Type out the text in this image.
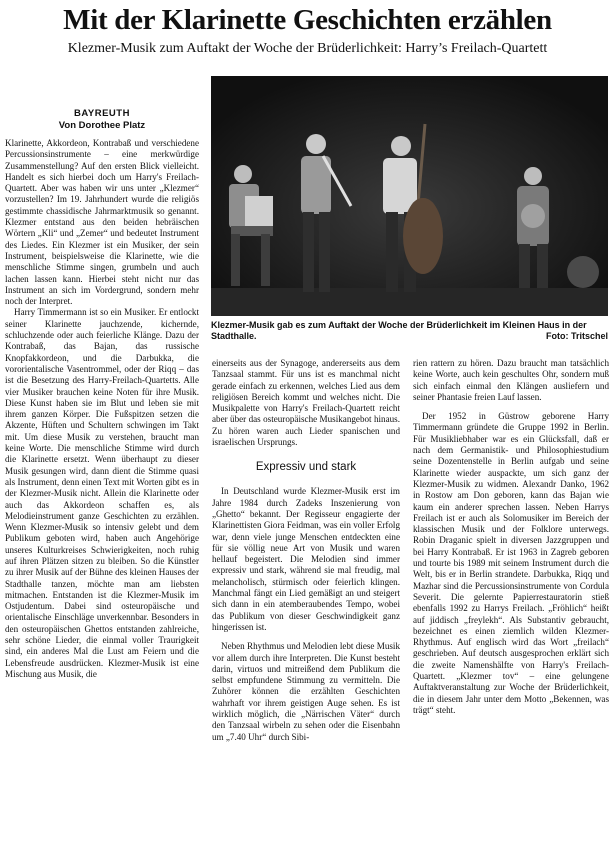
Mit der Klarinette Geschichten erzählen
Klezmer-Musik zum Auftakt der Woche der Brüderlichkeit: Harry’s Freilach-Quartett
Klezmer-Musik gab es zum Auftakt der Woche der Brüderlichkeit im Kleinen Haus in der Stadthalle.	Foto: Tritschel
BAYREUTH
Von Dorothee Platz

Klarinette, Akkordeon, Kontrabaß und verschiedene Percussionsinstrumente – eine merkwürdige Zusammenstellung? Auf den ersten Blick vielleicht. Handelt es sich hierbei doch um Harry's Freilach-Quartett. Aber was haben wir uns unter „Klezmer“ vorzustellen? Im 19. Jahrhundert wurde die religiös gestimmte chassidische Jahrmarktmusik so genannt. Klezmer entstand aus den beiden hebräischen Wörtern „Kli“ und „Zemer“ und bedeutet Instrument des Liedes. Ein Klezmer ist ein Musiker, der sein Instrument, beispielsweise die Klarinette, wie die menschliche Stimme singen, grumbeln und auch lachen lassen kann. Hierbei steht nicht nur das Instrument an sich im Vordergrund, sondern mehr noch der Interpret.

Harry Timmermann ist so ein Musiker. Er entlockt seiner Klarinette jauchzende, kichernde, schluchzende oder auch feierliche Klänge. Dazu der Kontrabaß, das Bajan, das russische Knopfakkordeon, und die Darbukka, die vororientalische Vasentrommel, oder der Riqq – das ist die Besetzung des Harry-Freilach-Quartetts. Alle vier Musiker brauchen keine Noten für ihre Musik. Diese Kunst haben sie im Blut und leben sie mit ihrem ganzen Körper. Die Fußspitzen setzen die Akzente, Hüften und Schultern schwingen im Takt mit. Um diese Musik zu verstehen, braucht man keine Worte. Die menschliche Stimme wird durch die Klarinette ersetzt. Wenn überhaupt zu dieser Musik gesungen wird, dann dient die Stimme quasi als Instrument, denn einen Text mit Worten gibt es in der Klezmer-Musik nicht. Allein die Klarinette oder auch das Akkordeon schaffen es, als Melodieinstrument ganze Geschichten zu erzählen. Wenn Klezmer-Musik so intensiv gelebt und dem Publikum geboten wird, haben auch Angehörige unseres Kulturkreises Schwierigkeiten, noch ruhig auf ihren Plätzen sitzen zu bleiben. So die Künstler zu ihrer Musik auf der Bühne des kleinen Hauses der Stadthalle tanzen, möchte man am liebsten mitmachen. Entstanden ist die Klezmer-Musik im Ostjudentum. Dabei sind osteuropäische und orientalische Einschläge unverkennbar. Besonders in den osteuropäischen Ghettos entstanden zahlreiche, sehr schöne Lieder, die einmal voller Traurigkeit sind, ein anderes Mal die Lust am Feiern und die Lebensfreude ausdrücken. Klezmer-Musik ist eine Mischung aus Musik, die

einerseits aus der Synagoge, andererseits aus dem Tanzsaal stammt. Für uns ist es manchmal nicht gerade einfach zu erkennen, welches Lied aus dem religiösen Bereich kommt und welches nicht. Die Musikpalette von Harry's Freilach-Quartett reicht aber über das osteuropäische Musikangebot hinaus. Zu hören waren auch Lieder spanischen und israelischen Ursprungs.

Expressiv und stark

In Deutschland wurde Klezmer-Musik erst im Jahre 1984 durch Zadeks Inszenierung von „Ghetto“ bekannt. Der Regisseur engagierte der Klarinettisten Giora Feidman, was ein voller Erfolg war, denn viele junge Menschen entdeckten eine für sie völlig neue Art von Musik und waren hellauf begeistert. Die Melodien sind immer expressiv und stark, während sie mal freudig, mal melancholisch, stürmisch oder feierlich klingen. Manchmal fängt ein Lied gemäßigt an und steigert sich dann in ein atemberaubendes Tempo, wobei das Publikum von dieser Geschwindigkeit ganz hingerissen ist.

Neben Rhythmus und Melodien lebt diese Musik vor allem durch ihre Interpreten. Die Kunst besteht darin, virtuos und mitreißend dem Publikum die selbst empfundene Stimmung zu vermitteln. Die Zuhörer können die erzählten Geschichten wahrhaft vor ihrem geistigen Auge sehen. Es ist wirklich möglich, die „Närrischen Väter“ durch den Tanzsaal wirbeln zu sehen oder die Eisenbahn um „7.40 Uhr“ durch Sibi-

rien rattern zu hören. Dazu braucht man tatsächlich keine Worte, auch kein geschultes Ohr, sondern muß sich einfach einmal den Klängen ausliefern und seiner Phantasie freien Lauf lassen.

Der 1952 in Güstrow geborene Harry Timmermann gründete die Gruppe 1992 in Berlin. Für Musikliebhaber war es ein Glücksfall, daß er nach dem Germanistik- und Philosophiestudium seine Dozentenstelle in Berlin aufgab und seine Klarinette wieder auspackte, um sich ganz der Klezmer-Musik zu widmen. Alexandr Danko, 1962 in Rostow am Don geboren, kann das Bajan wie kaum ein anderer sprechen lassen. Neben Harrys Freilach ist er auch als Solomusiker im Bereich der klassischen Musik und der Folklore unterwegs. Robin Draganic spielt in diversen Jazzgruppen und bei Harry Kontrabaß. Er ist 1963 in Zagreb geboren und tourte bis 1989 mit seinem Instrument durch die Welt, bis er in Berlin strandete. Darbukka, Riqq und Mazhar sind die Percussionsinstrumente von Cordula Severit. Die gelernte Papierrestauratorin stieß ebenfalls 1992 zu Harrys Freilach. „Fröhlich“ heißt auf jiddisch „freylekh“. Als Substantiv gebraucht, bezeichnet es einen ziemlich wilden Klezmer-Rhythmus. Auf englisch wird das Wort „freilach“ geschrieben. Auf deutsch ausgesprochen erklärt sich die zweite Namenshälfte von Harry's Freilach-Quartett. „Klezmer tov“ – eine gelungene Auftaktveranstaltung zur Woche der Brüderlichkeit, die in diesem Jahr unter dem Motto „Bekennen, was trägt“ steht.
